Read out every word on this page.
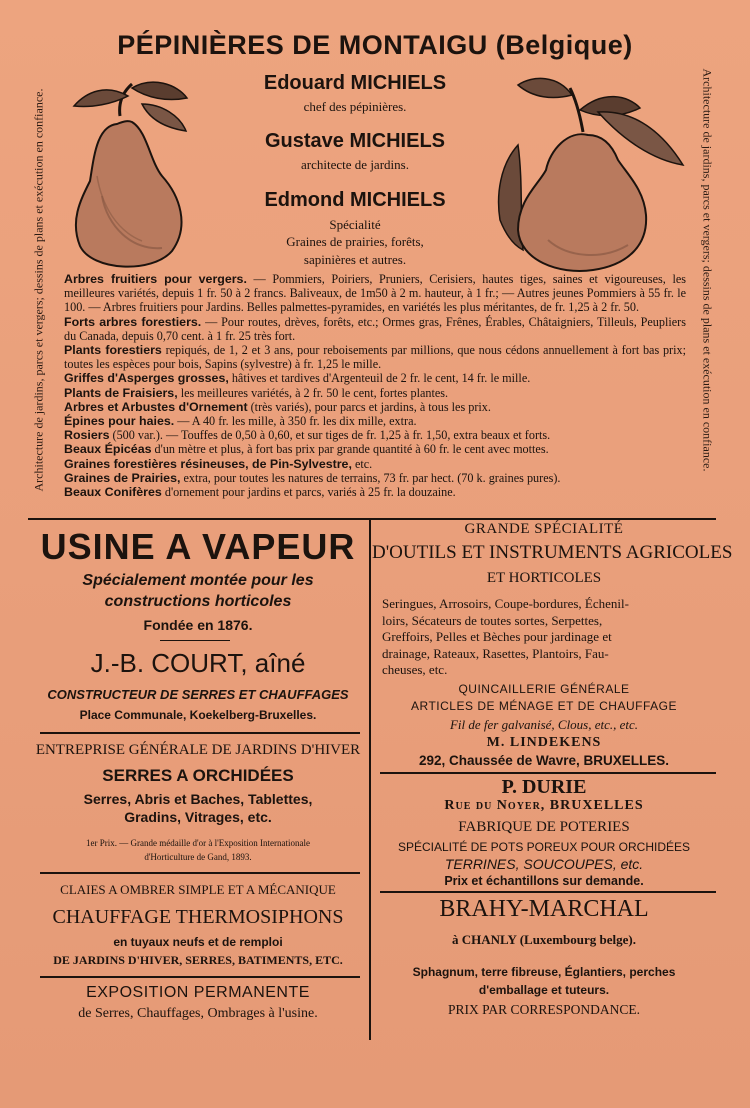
Architecture de jardins, parcs et vergers; dessins de plans et exécution en confiance.	Architecture de jardins, parcs et vergers; dessins de plans et exécution en confiance.
PÉPINIÈRES DE MONTAIGU (Belgique)
Edouard MICHIELS
chef des pépinières.
Gustave MICHIELS
architecte de jardins.
Edmond MICHIELS
Spécialité
Graines de prairies, forêts,
sapinières et autres.

Arbres fruitiers pour vergers. — Pommiers, Poiriers, Pruniers, Cerisiers, hautes tiges, saines et vigoureuses, les meilleures variétés, depuis 1 fr. 50 à 2 francs. Baliveaux, de 1m50 à 2 m. hauteur, à 1 fr.; — Autres jeunes Pommiers à 55 fr. le 100. — Arbres fruitiers pour Jardins. Belles palmettes-pyramides, en variétés les plus méritantes, de fr. 1,25 à 2 fr. 50.

Forts arbres forestiers. — Pour routes, drèves, forêts, etc.; Ormes gras, Frênes, Érables, Châtaigniers, Tilleuls, Peupliers du Canada, depuis 0,70 cent. à 1 fr. 25 très fort.

Plants forestiers repiqués, de 1, 2 et 3 ans, pour reboisements par millions, que nous cédons annuellement à fort bas prix; toutes les espèces pour bois, Sapins (sylvestre) à fr. 1,25 le mille.

Griffes d'Asperges grosses, hâtives et tardives d'Argenteuil de 2 fr. le cent, 14 fr. le mille.

Plants de Fraisiers, les meilleures variétés, à 2 fr. 50 le cent, fortes plantes.

Arbres et Arbustes d'Ornement (très variés), pour parcs et jardins, à tous les prix.

Épines pour haies. — A 40 fr. les mille, à 350 fr. les dix mille, extra.

Rosiers (500 var.). — Touffes de 0,50 à 0,60, et sur tiges de fr. 1,25 à fr. 1,50, extra beaux et forts.

Beaux Épicéas d'un mètre et plus, à fort bas prix par grande quantité à 60 fr. le cent avec mottes.

Graines forestières résineuses, de Pin-Sylvestre, etc.

Graines de Prairies, extra, pour toutes les natures de terrains, 73 fr. par hect. (70 k. graines pures).

Beaux Conifères d'ornement pour jardins et parcs, variés à 25 fr. la douzaine.

USINE A VAPEUR
Spécialement montée pour les
constructions horticoles
Fondée en 1876.
J.-B. COURT, aîné
CONSTRUCTEUR DE SERRES ET CHAUFFAGES
Place Communale, Koekelberg-Bruxelles.
ENTREPRISE GÉNÉRALE DE JARDINS D'HIVER
SERRES A ORCHIDÉES
Serres, Abris et Baches, Tablettes,
Gradins, Vitrages, etc.
1er Prix. — Grande médaille d'or à l'Exposition Internationale
d'Horticulture de Gand, 1893.
CLAIES A OMBRER SIMPLE ET A MÉCANIQUE
CHAUFFAGE THERMOSIPHONS
en tuyaux neufs et de remploi
DE JARDINS D'HIVER, SERRES, BATIMENTS, ETC.
EXPOSITION PERMANENTE
de Serres, Chauffages, Ombrages à l'usine.
GRANDE SPÉCIALITÉ
D'OUTILS ET INSTRUMENTS AGRICOLES
ET HORTICOLES
Seringues, Arrosoirs, Coupe-bordures, Échenil-
loirs, Sécateurs de toutes sortes, Serpettes,
Greffoirs, Pelles et Bèches pour jardinage et
drainage, Rateaux, Rasettes, Plantoirs, Fau-
cheuses, etc.
QUINCAILLERIE GÉNÉRALE
ARTICLES DE MÉNAGE ET DE CHAUFFAGE
Fil de fer galvanisé, Clous, etc., etc.
M. LINDEKENS
292, Chaussée de Wavre, BRUXELLES.
P. DURIE
Rue du Noyer, BRUXELLES
FABRIQUE DE POTERIES
SPÉCIALITÉ DE POTS POREUX POUR ORCHIDÉES
TERRINES, SOUCOUPES, etc.
Prix et échantillons sur demande.
BRAHY-MARCHAL
à CHANLY (Luxembourg belge).
Sphagnum, terre fibreuse, Églantiers, perches
d'emballage et tuteurs.
PRIX PAR CORRESPONDANCE.
